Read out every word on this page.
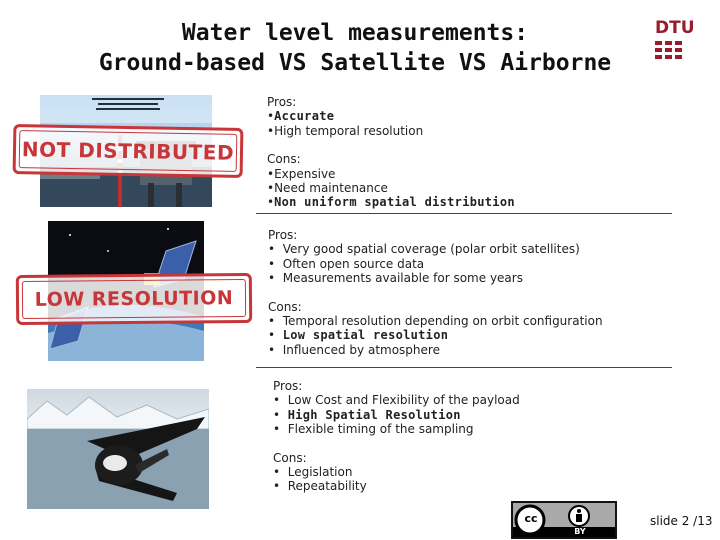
Water level measurements:
Ground-based VS Satellite VS Airborne
DTU
NOT DISTRIBUTED

Pros:

•Accurate

•High temporal resolution

Cons:

•Expensive

•Need maintenance

•Non uniform spatial distribution

LOW RESOLUTION

Pros:

•  Very good spatial coverage (polar orbit satellites)

•  Often open source data

•  Measurements available for some years

Cons:

•  Temporal resolution depending on orbit configuration

•  Low spatial resolution

•  Influenced by atmosphere

Pros:

•  Low Cost and Flexibility of the payload

•  High Spatial Resolution

•  Flexible timing of the sampling

Cons:

•  Legislation

•  Repeatability

cc
BY
slide 2 /13
